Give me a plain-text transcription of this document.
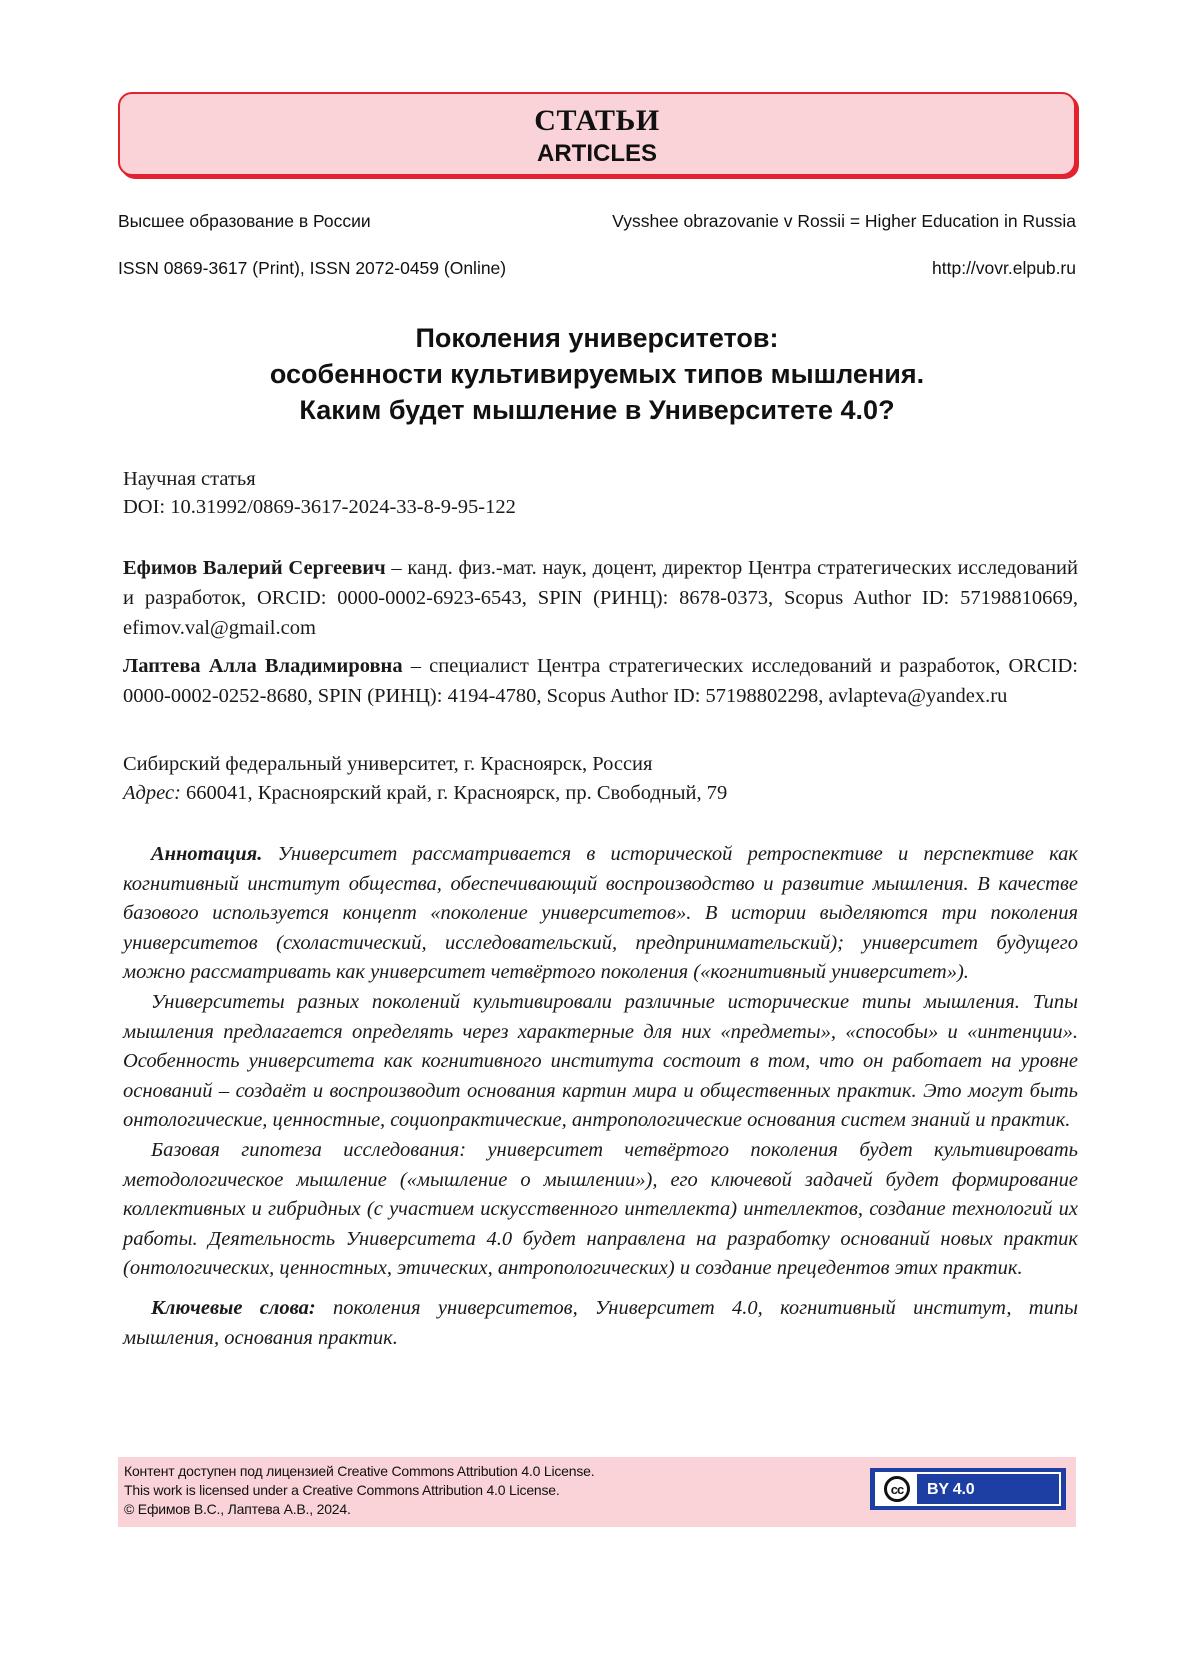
СТАТЬИ
ARTICLES
Высшее образование в России	Vysshee obrazovanie v Rossii = Higher Education in Russia
ISSN 0869-3617 (Print), ISSN 2072-0459 (Online)	http://vovr.elpub.ru
Поколения университетов:
особенности культивируемых типов мышления.
Каким будет мышление в Университете 4.0?
Научная статья
DOI: 10.31992/0869-3617-2024-33-8-9-95-122
Ефимов Валерий Сергеевич – канд. физ.-мат. наук, доцент, директор Центра стратегических исследований и разработок, ORCID: 0000-0002-6923-6543, SPIN (РИНЦ): 8678-0373, Scopus Author ID: 57198810669, efimov.val@gmail.com
Лаптева Алла Владимировна – специалист Центра стратегических исследований и разработок, ORCID: 0000-0002-0252-8680, SPIN (РИНЦ): 4194-4780, Scopus Author ID: 57198802298, avlapteva@yandex.ru
Сибирский федеральный университет, г. Красноярск, Россия
Адрес: 660041, Красноярский край, г. Красноярск, пр. Свободный, 79

Аннотация. Университет рассматривается в исторической ретроспективе и перспективе как когнитивный институт общества, обеспечивающий воспроизводство и развитие мышления. В качестве базового используется концепт «поколение университетов». В истории выделяются три поколения университетов (схоластический, исследовательский, предпринимательский); университет будущего можно рассматривать как университет четвёртого поколения («когнитивный университет»).

Университеты разных поколений культивировали различные исторические типы мышления. Типы мышления предлагается определять через характерные для них «предметы», «способы» и «интенции». Особенность университета как когнитивного института состоит в том, что он работает на уровне оснований – создаёт и воспроизводит основания картин мира и общественных практик. Это могут быть онтологические, ценностные, социопрактические, антропологические основания систем знаний и практик.

Базовая гипотеза исследования: университет четвёртого поколения будет культивировать методологическое мышление («мышление о мышлении»), его ключевой задачей будет формирование коллективных и гибридных (с участием искусственного интеллекта) интеллектов, создание технологий их работы. Деятельность Университета 4.0 будет направлена на разработку оснований новых практик (онтологических, ценностных, этических, антропологических) и создание прецедентов этих практик.

Ключевые слова: поколения университетов, Университет 4.0, когнитивный институт, типы мышления, основания практик.

Контент доступен под лицензией Creative Commons Attribution 4.0 License.
This work is licensed under a Creative Commons Attribution 4.0 License.
© Ефимов В.С., Лаптева А.В., 2024.
cc	BY 4.0
